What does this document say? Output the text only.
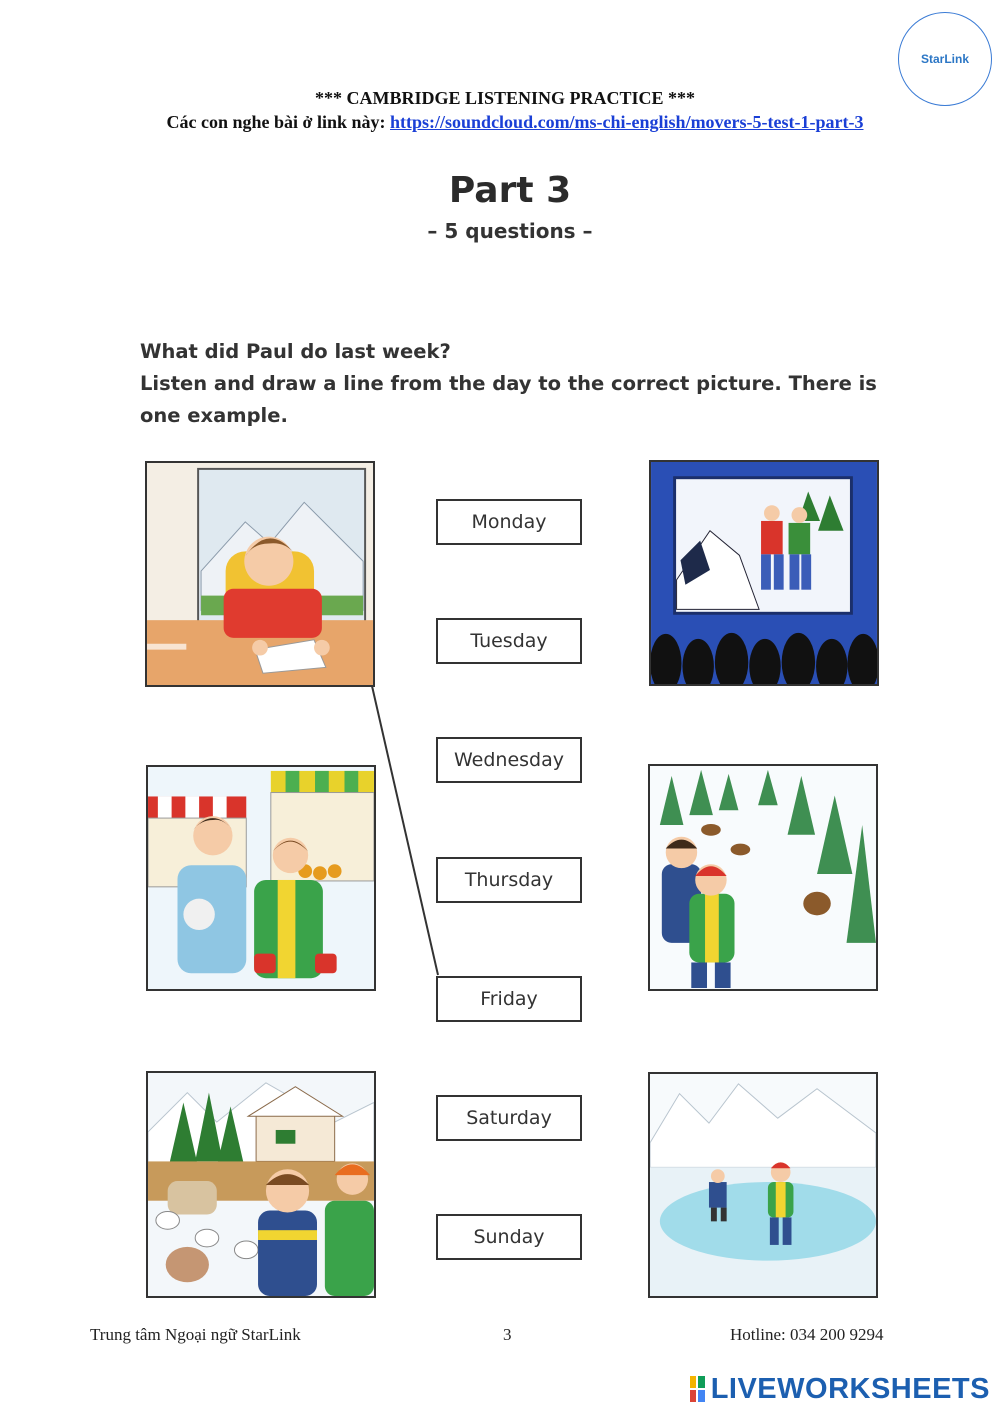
StarLink
*** CAMBRIDGE LISTENING PRACTICE ***
Các con nghe bài ở link này: https://soundcloud.com/ms-chi-english/movers-5-test-1-part-3
Part 3
– 5 questions –
What did Paul do last week?
Listen and draw a line from the day to the correct picture. There is one example.
Monday
Tuesday
Wednesday
Thursday
Friday
Saturday
Sunday
Trung tâm Ngoại ngữ StarLink	3	Hotline: 034 200 9294
LIVEWORKSHEETS
